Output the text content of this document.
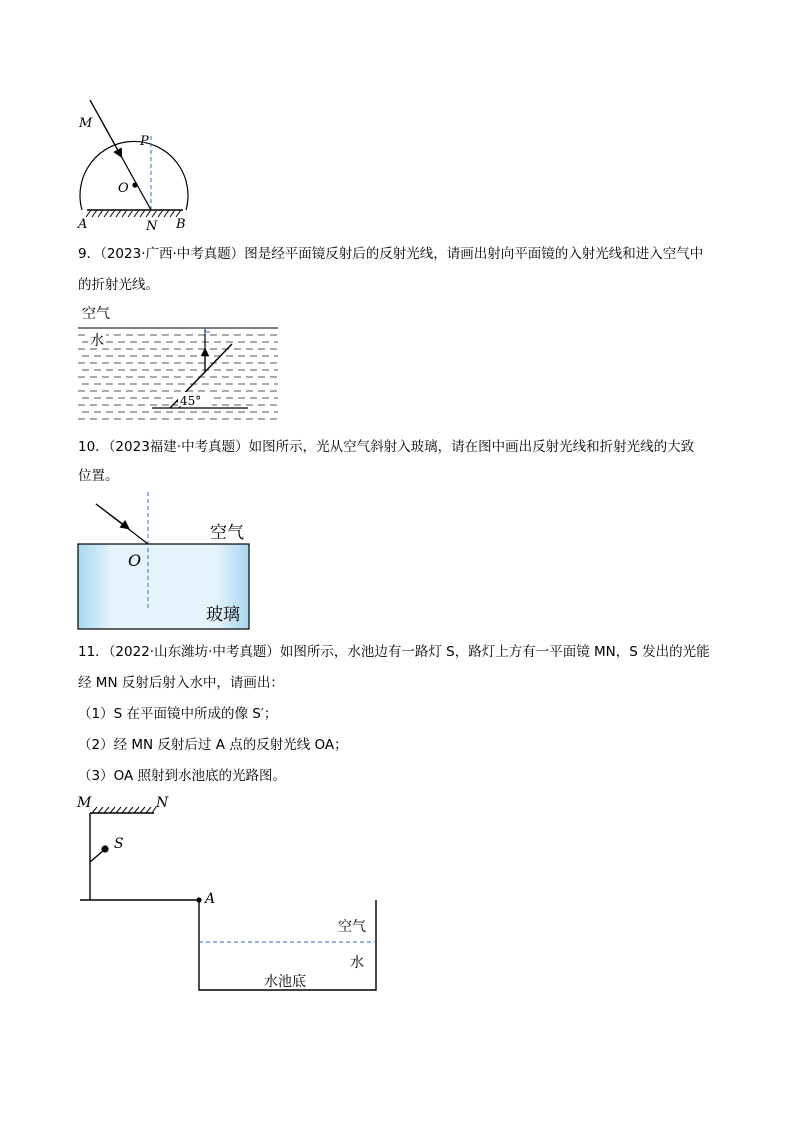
M
P
O
A	N B
9．（2023·广西·中考真题）图是经平面镜反射后的反射光线，请画出射向平面镜的入射光线和进入空气中
的折射光线。
空气
水
45°
10．（2023福建·中考真题）如图所示，光从空气斜射入玻璃，请在图中画出反射光线和折射光线的大致
位置。
空气
O
玻璃
11．（2022·山东潍坊·中考真题）如图所示，水池边有一路灯 S，路灯上方有一平面镜 MN，S 发出的光能
经 MN 反射后射入水中，请画出：
（1）S 在平面镜中所成的像 S′；
（2）经 MN 反射后过 A 点的反射光线 OA；
（3）OA 照射到水池底的光路图。
M	N
S
A
空气
水
水池底
